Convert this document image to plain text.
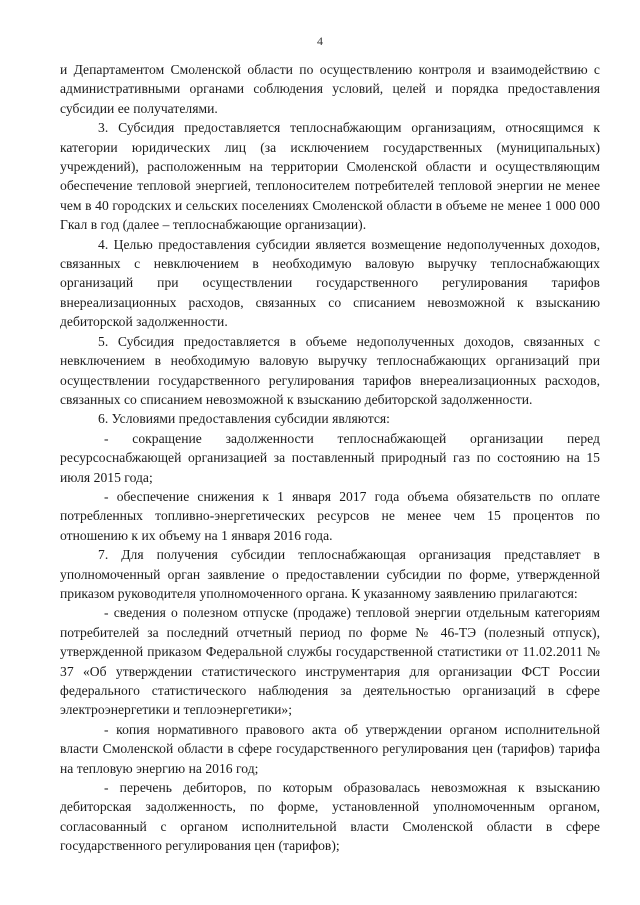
4

и Департаментом Смоленской области по осуществлению контроля и взаимодействию с административными органами соблюдения условий, целей и порядка предоставления субсидии ее получателями.

3. Субсидия предоставляется теплоснабжающим организациям, относящимся к категории юридических лиц (за исключением государственных (муниципальных) учреждений), расположенным на территории Смоленской области и осуществляющим обеспечение тепловой энергией, теплоносителем потребителей тепловой энергии не менее чем в 40 городских и сельских поселениях Смоленской области в объеме не менее 1 000 000 Гкал в год (далее – теплоснабжающие организации).

4. Целью предоставления субсидии является возмещение недополученных доходов, связанных с невключением в необходимую валовую выручку теплоснабжающих организаций при осуществлении государственного регулирования тарифов внереализационных расходов, связанных со списанием невозможной к взысканию дебиторской задолженности.

5. Субсидия предоставляется в объеме недополученных доходов, связанных с невключением в необходимую валовую выручку теплоснабжающих организаций при осуществлении государственного регулирования тарифов внереализационных расходов, связанных со списанием невозможной к взысканию дебиторской задолженности.

6. Условиями предоставления субсидии являются:

- сокращение задолженности теплоснабжающей организации перед ресурсоснабжающей организацией за поставленный природный газ по состоянию на 15 июля 2015 года;

- обеспечение снижения к 1 января 2017 года объема обязательств по оплате потребленных топливно-энергетических ресурсов не менее чем 15 процентов по отношению к их объему на 1 января 2016 года.

7. Для получения субсидии теплоснабжающая организация представляет в уполномоченный орган заявление о предоставлении субсидии по форме, утвержденной приказом руководителя уполномоченного органа. К указанному заявлению прилагаются:

- сведения о полезном отпуске (продаже) тепловой энергии отдельным категориям потребителей за последний отчетный период по форме № 46-ТЭ (полезный отпуск), утвержденной приказом Федеральной службы государственной статистики от 11.02.2011 № 37 «Об утверждении статистического инструментария для организации ФСТ России федерального статистического наблюдения за деятельностью организаций в сфере электроэнергетики и теплоэнергетики»;

- копия нормативного правового акта об утверждении органом исполнительной власти Смоленской области в сфере государственного регулирования цен (тарифов) тарифа на тепловую энергию на 2016 год;

- перечень дебиторов, по которым образовалась невозможная к взысканию дебиторская задолженность, по форме, установленной уполномоченным органом, согласованный с органом исполнительной власти Смоленской области в сфере государственного регулирования цен (тарифов);
